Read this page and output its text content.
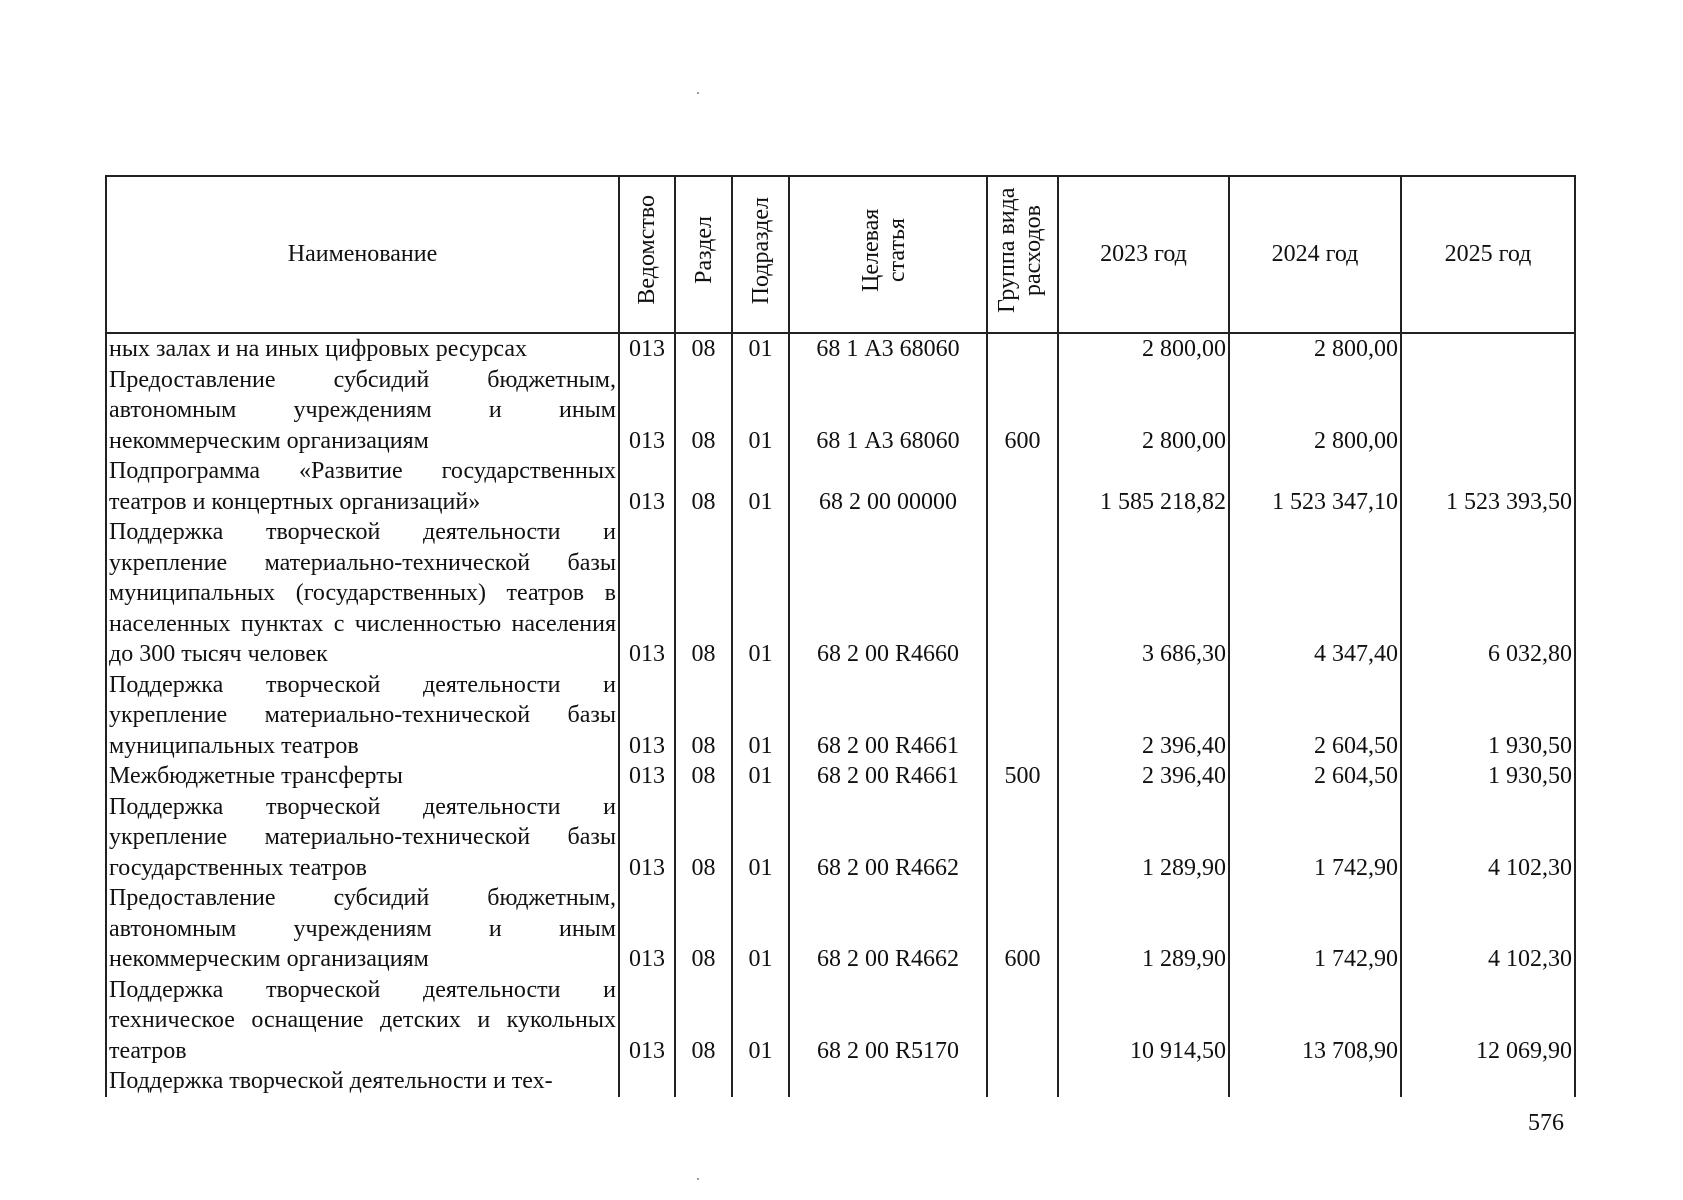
Наименование	Ведомство	Раздел	Подраздел	Целевая статья	Группа вида расходов	2023 год	2024 год	2025 год
ных залах и на иных цифровых ресурсах	013	08	01	68 1 А3 68060		2 800,00	2 800,00	
Предоставление субсидий бюджетным, автономным учреждениям и иным некоммерческим организациям	013	08	01	68 1 А3 68060	600	2 800,00	2 800,00	
Подпрограмма «Развитие государственных театров и концертных организаций»	013	08	01	68 2 00 00000		1 585 218,82	1 523 347,10	1 523 393,50
Поддержка творческой деятельности и укрепление материально-технической базы муниципальных (государственных) театров в населенных пунктах с численностью населения до 300 тысяч человек	013	08	01	68 2 00 R4660		3 686,30	4 347,40	6 032,80
Поддержка творческой деятельности и укрепление материально-технической базы муниципальных театров	013	08	01	68 2 00 R4661		2 396,40	2 604,50	1 930,50
Межбюджетные трансферты	013	08	01	68 2 00 R4661	500	2 396,40	2 604,50	1 930,50
Поддержка творческой деятельности и укрепление материально-технической базы государственных театров	013	08	01	68 2 00 R4662		1 289,90	1 742,90	4 102,30
Предоставление субсидий бюджетным, автономным учреждениям и иным некоммерческим организациям	013	08	01	68 2 00 R4662	600	1 289,90	1 742,90	4 102,30
Поддержка творческой деятельности и техническое оснащение детских и кукольных театров	013	08	01	68 2 00 R5170		10 914,50	13 708,90	12 069,90
Поддержка творческой деятельности и тех-								
576
